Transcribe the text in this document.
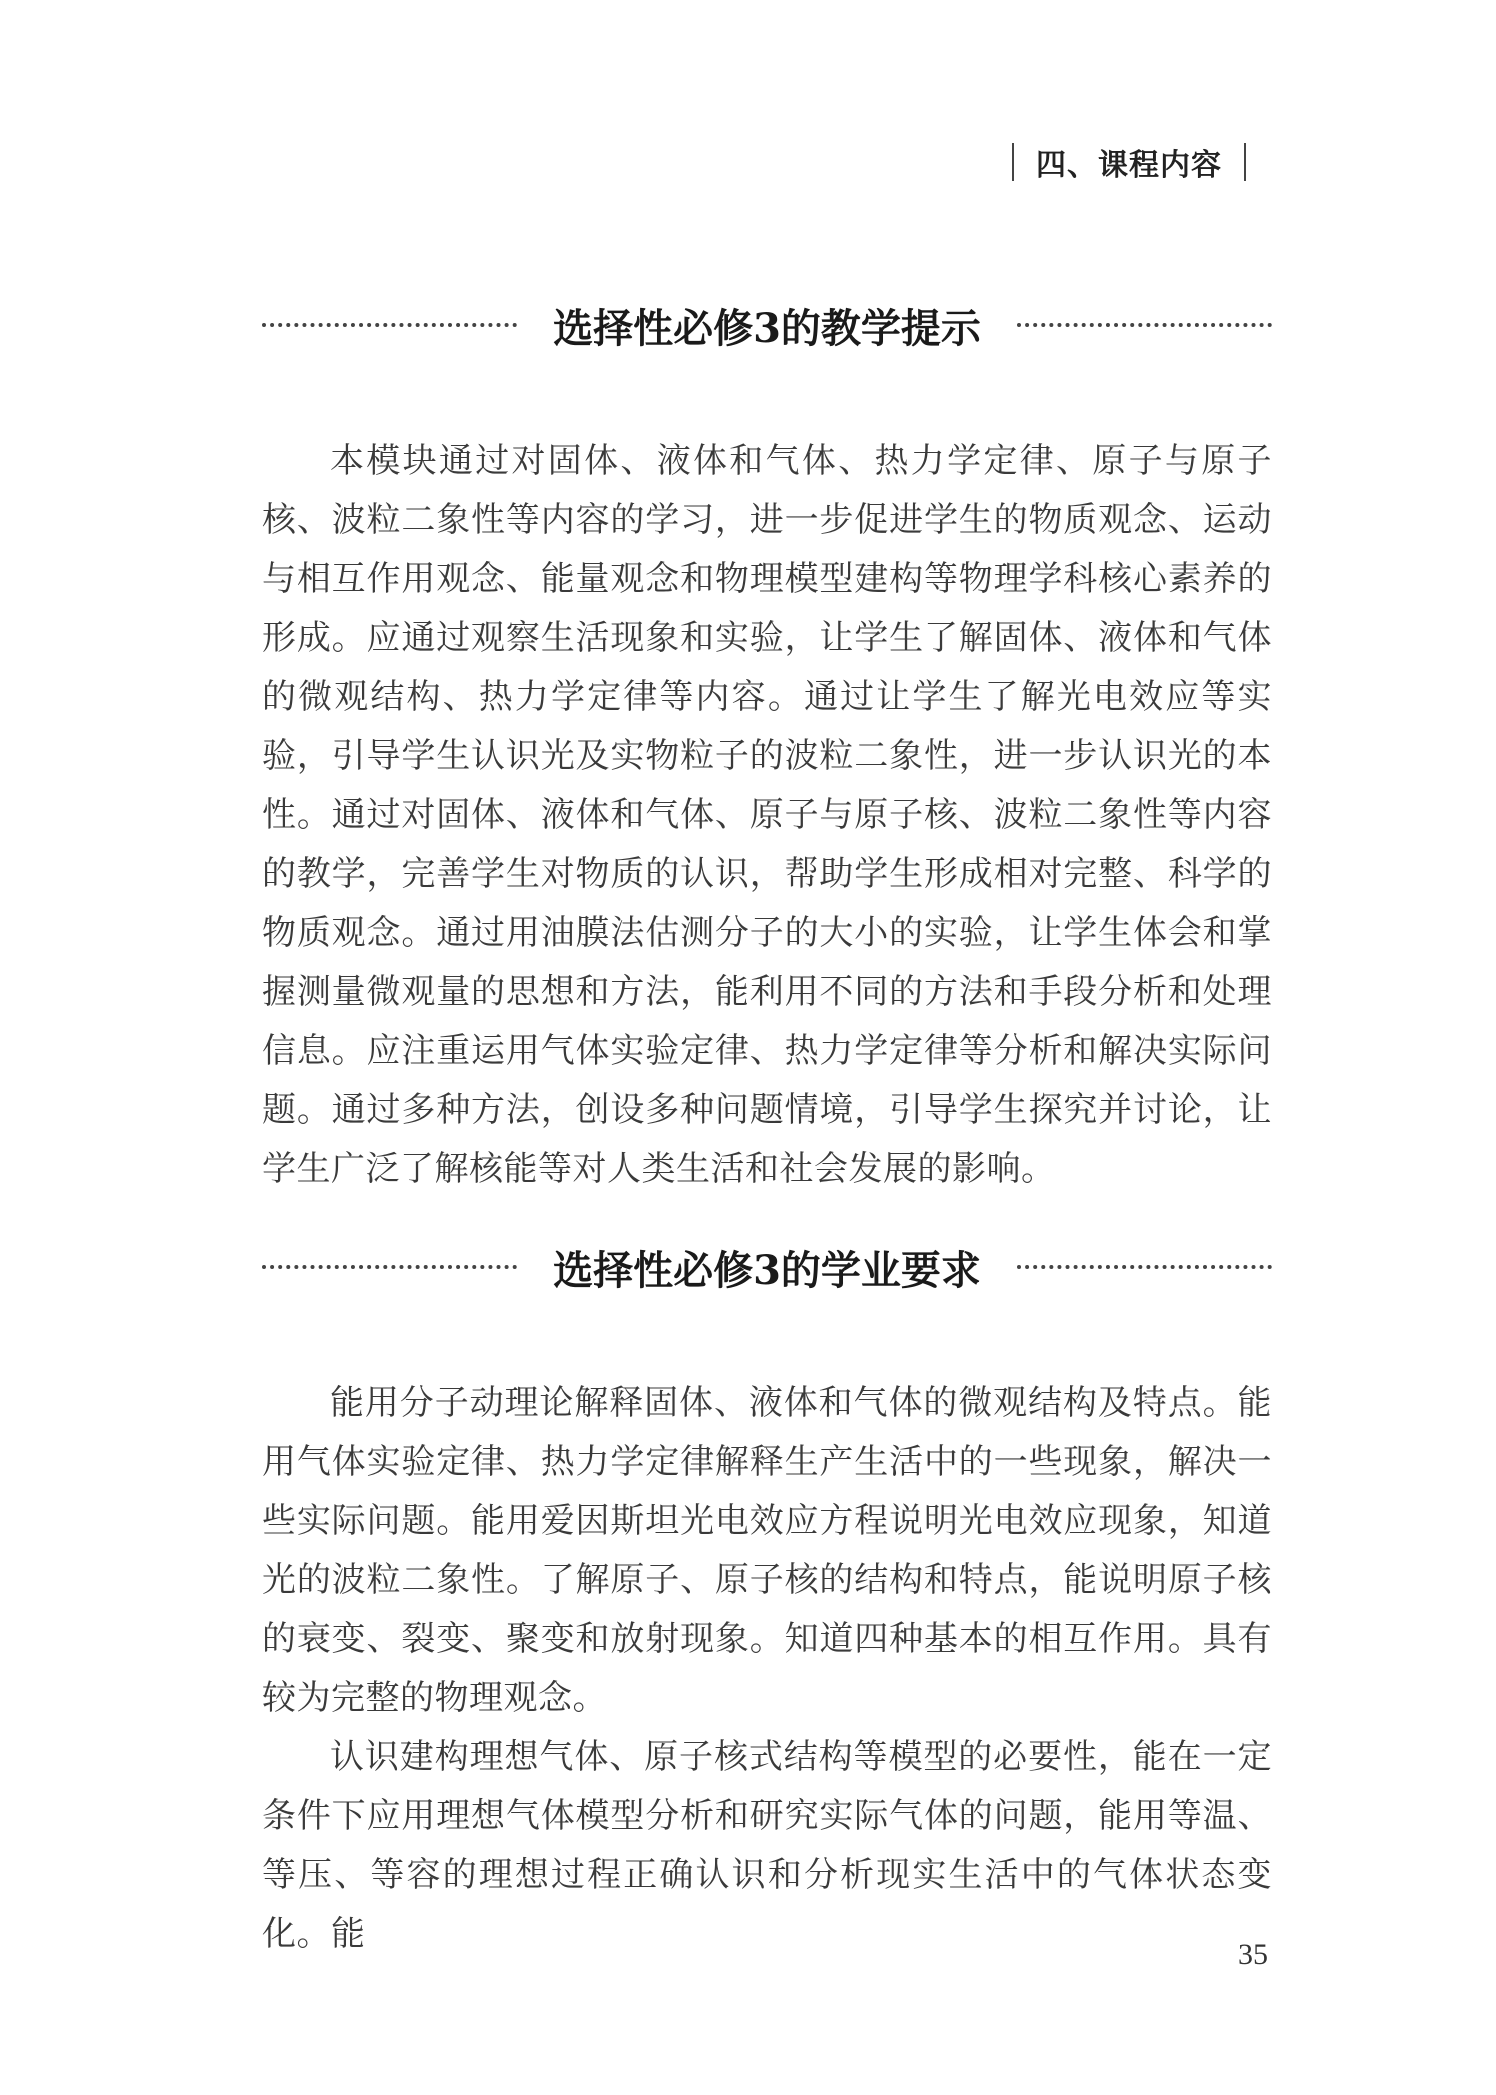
四、课程内容
选择性必修3的教学提示

本模块通过对固体、液体和气体、热力学定律、原子与原子核、波粒二象性等内容的学习，进一步促进学生的物质观念、运动与相互作用观念、能量观念和物理模型建构等物理学科核心素养的形成。应通过观察生活现象和实验，让学生了解固体、液体和气体的微观结构、热力学定律等内容。通过让学生了解光电效应等实验，引导学生认识光及实物粒子的波粒二象性，进一步认识光的本性。通过对固体、液体和气体、原子与原子核、波粒二象性等内容的教学，完善学生对物质的认识，帮助学生形成相对完整、科学的物质观念。通过用油膜法估测分子的大小的实验，让学生体会和掌握测量微观量的思想和方法，能利用不同的方法和手段分析和处理信息。应注重运用气体实验定律、热力学定律等分析和解决实际问题。通过多种方法，创设多种问题情境，引导学生探究并讨论，让学生广泛了解核能等对人类生活和社会发展的影响。

选择性必修3的学业要求

能用分子动理论解释固体、液体和气体的微观结构及特点。能用气体实验定律、热力学定律解释生产生活中的一些现象，解决一些实际问题。能用爱因斯坦光电效应方程说明光电效应现象，知道光的波粒二象性。了解原子、原子核的结构和特点，能说明原子核的衰变、裂变、聚变和放射现象。知道四种基本的相互作用。具有较为完整的物理观念。

认识建构理想气体、原子核式结构等模型的必要性，能在一定条件下应用理想气体模型分析和研究实际气体的问题，能用等温、等压、等容的理想过程正确认识和分析现实生活中的气体状态变化。能

35
